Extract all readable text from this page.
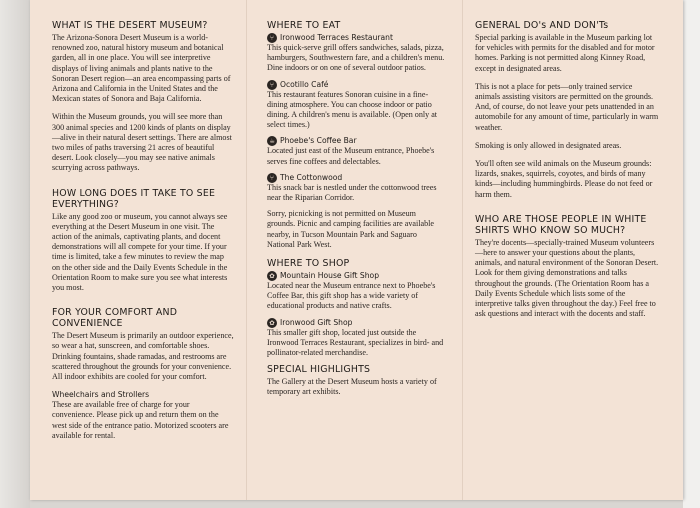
WHAT IS THE DESERT MUSEUM?

The Arizona-Sonora Desert Museum is a world-renowned zoo, natural history museum and botanical garden, all in one place. You will see interpretive displays of living animals and plants native to the Sonoran Desert region—an area encompassing parts of Arizona and California in the United States and the Mexican states of Sonora and Baja California.

Within the Museum grounds, you will see more than 300 animal species and 1200 kinds of plants on display—alive in their natural desert settings. There are almost two miles of paths traversing 21 acres of beautiful desert. Look closely—you may see native animals scurrying across pathways.

HOW LONG DOES IT TAKE TO SEE EVERYTHING?

Like any good zoo or museum, you cannot always see everything at the Desert Museum in one visit. The action of the animals, captivating plants, and docent demonstrations will all compete for your time. If your time is limited, take a few minutes to review the map on the other side and the Daily Events Schedule in the Orientation Room to make sure you see what interests you most.

FOR YOUR COMFORT AND CONVENIENCE

The Desert Museum is primarily an outdoor experience, so wear a hat, sunscreen, and comfortable shoes. Drinking fountains, shade ramadas, and restrooms are scattered throughout the grounds for your convenience. All indoor exhibits are cooled for your comfort.

Wheelchairs and Strollers

These are available free of charge for your convenience. Please pick up and return them on the west side of the entrance patio. Motorized scooters are available for rental.

WHERE TO EAT
⑂ Ironwood Terraces Restaurant

This quick-serve grill offers sandwiches, salads, pizza, hamburgers, Southwestern fare, and a children's menu. Dine indoors or on one of several outdoor patios.

⑂ Ocotillo Café

This restaurant features Sonoran cuisine in a fine-dining atmosphere. You can choose indoor or patio dining. A children's menu is available. (Open only at select times.)

☕ Phoebe's Coffee Bar

Located just east of the Museum entrance, Phoebe's serves fine coffees and delectables.

⑂ The Cottonwood

This snack bar is nestled under the cottonwood trees near the Riparian Corridor.

Sorry, picnicking is not permitted on Museum grounds. Picnic and camping facilities are available nearby, in Tucson Mountain Park and Saguaro National Park West.

WHERE TO SHOP
✿ Mountain House Gift Shop

Located near the Museum entrance next to Phoebe's Coffee Bar, this gift shop has a wide variety of educational products and native crafts.

✿ Ironwood Gift Shop

This smaller gift shop, located just outside the Ironwood Terraces Restaurant, specializes in bird- and pollinator-related merchandise.

SPECIAL HIGHLIGHTS

The Gallery at the Desert Museum hosts a variety of temporary art exhibits.

GENERAL DO's AND DON'Ts

Special parking is available in the Museum parking lot for vehicles with permits for the disabled and for motor homes. Parking is not permitted along Kinney Road, except in designated areas.

This is not a place for pets—only trained service animals assisting visitors are permitted on the grounds. And, of course, do not leave your pets unattended in an automobile for any amount of time, particularly in warm weather.

Smoking is only allowed in designated areas.

You'll often see wild animals on the Museum grounds: lizards, snakes, squirrels, coyotes, and birds of many kinds—including hummingbirds. Please do not feed or harm them.

WHO ARE THOSE PEOPLE IN WHITE SHIRTS WHO KNOW SO MUCH?

They're docents—specially-trained Museum volunteers—here to answer your questions about the plants, animals, and natural environment of the Sonoran Desert. Look for them giving demonstrations and talks throughout the grounds. (The Orientation Room has a Daily Events Schedule which lists some of the interpretive talks given throughout the day.) Feel free to ask questions and interact with the docents and staff.
